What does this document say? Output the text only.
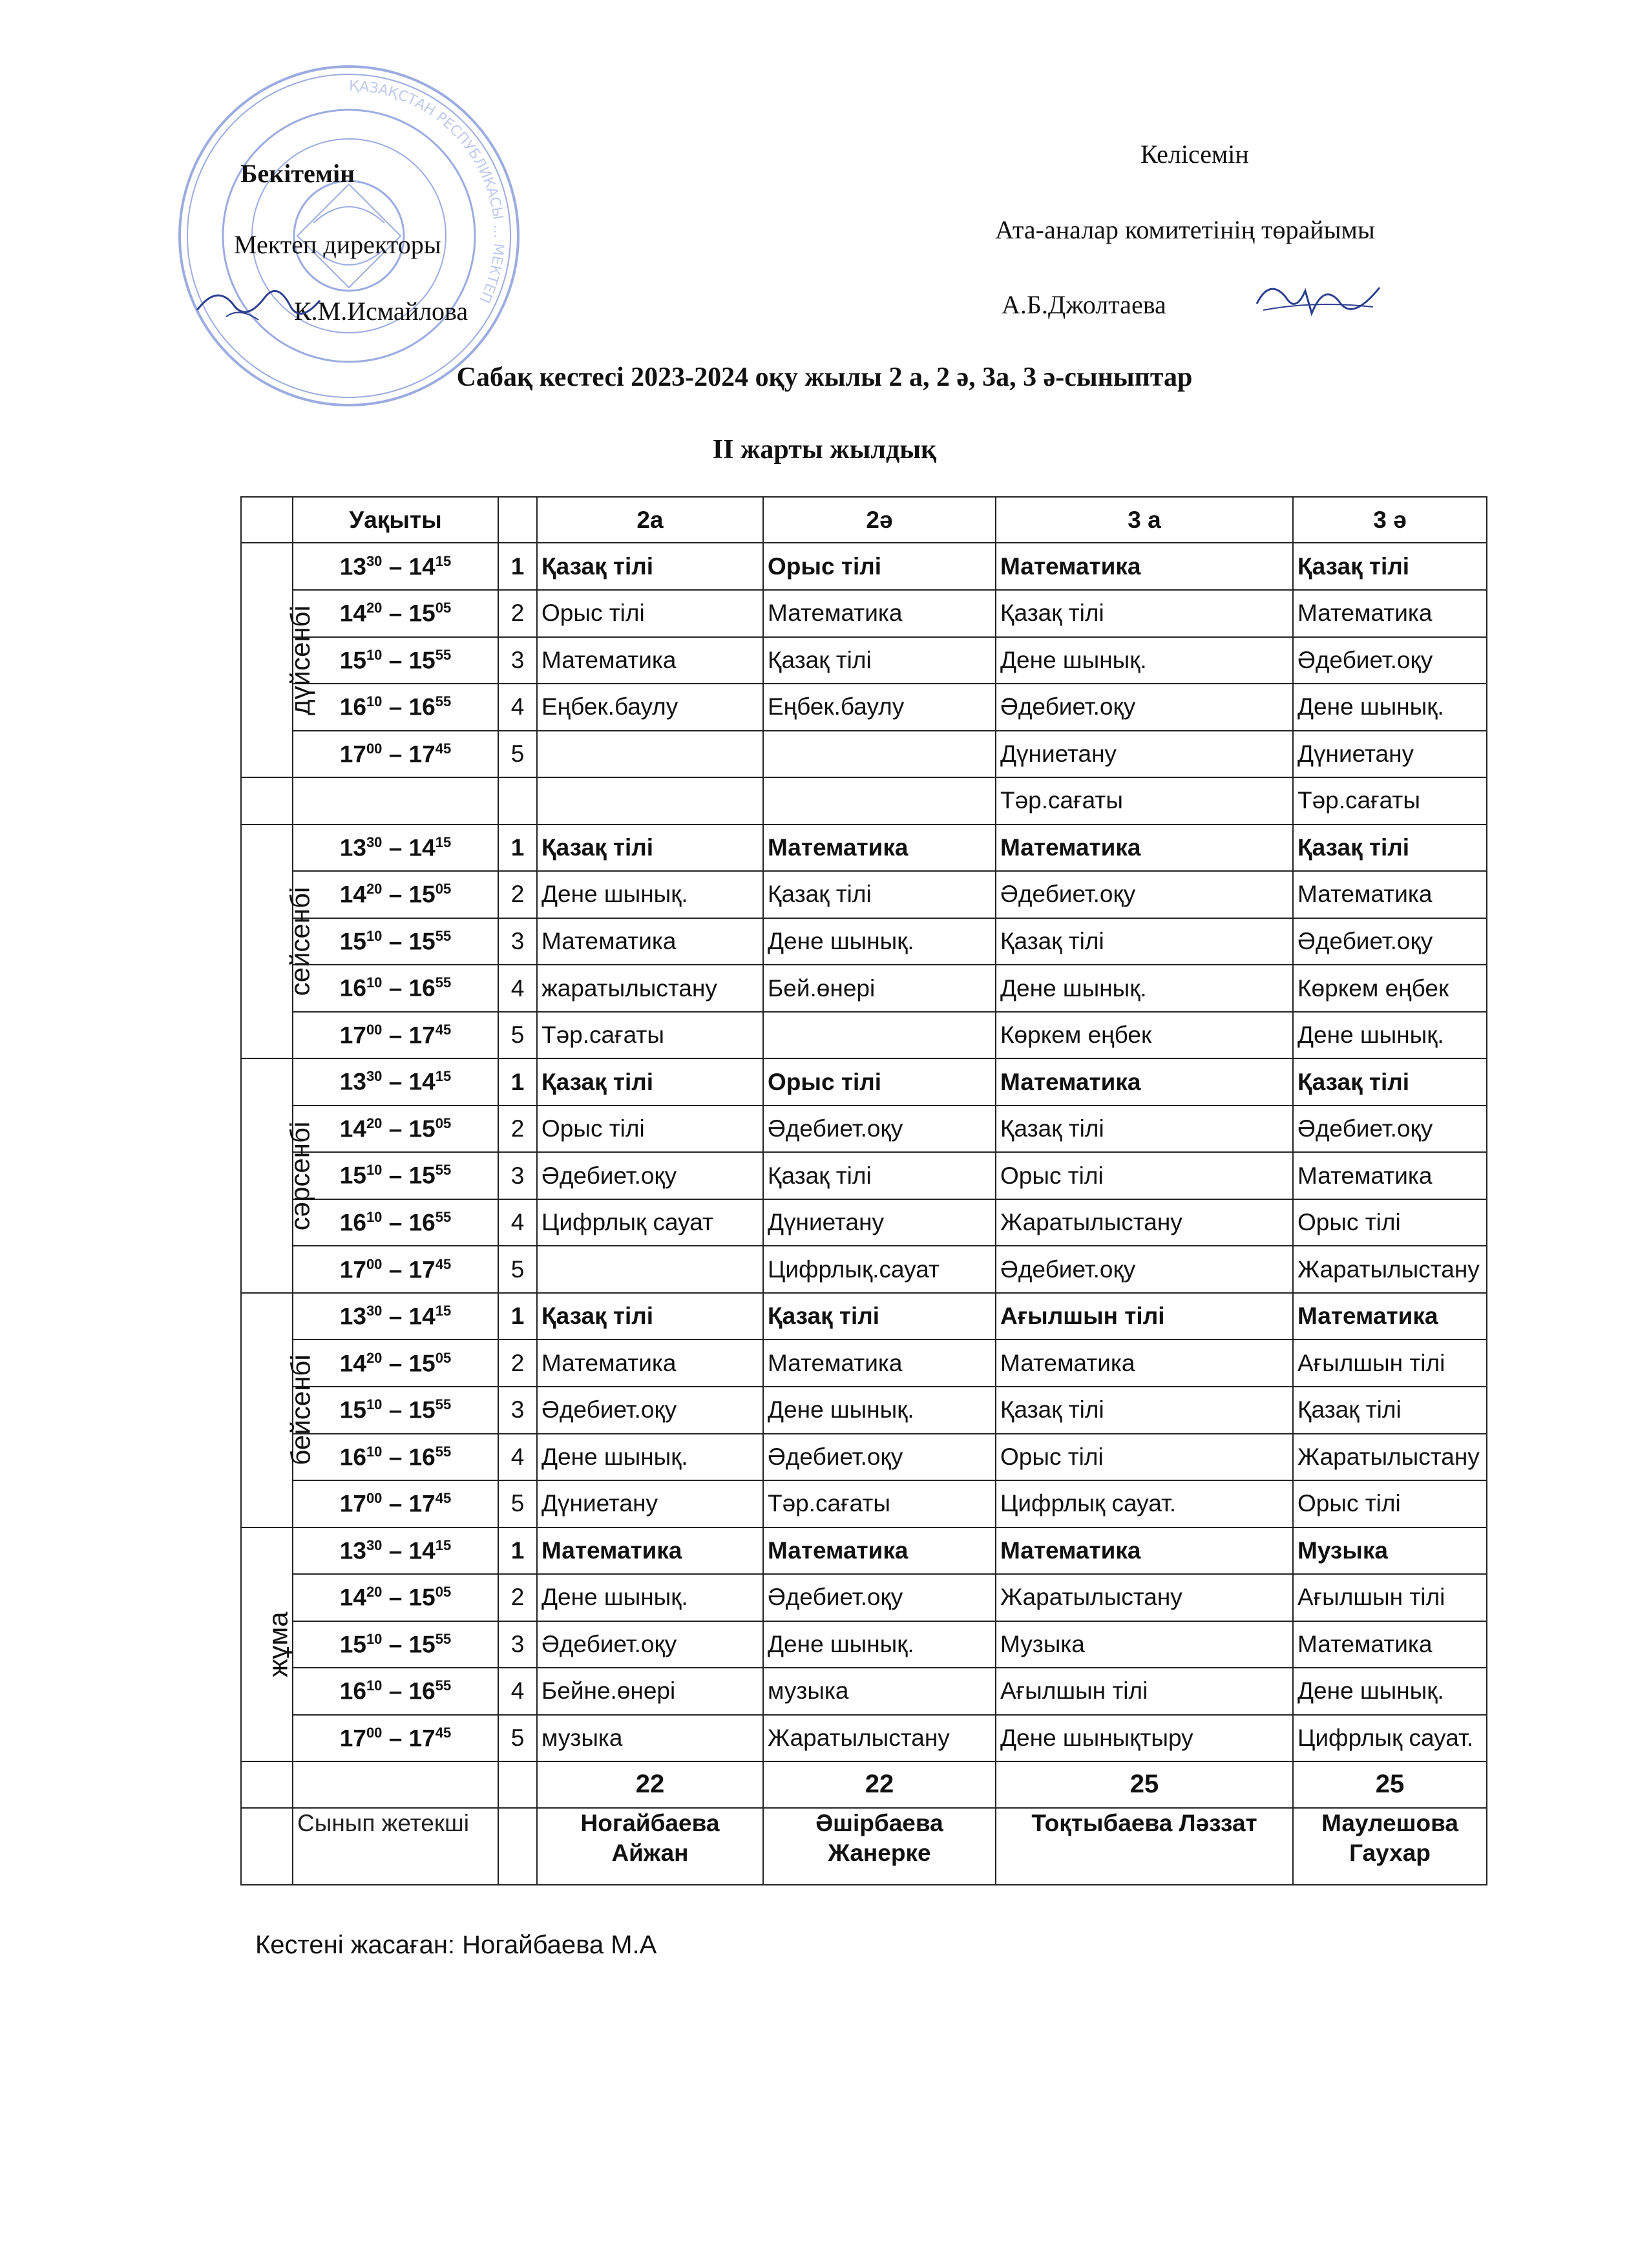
ҚАЗАҚСТАН РЕСПУБЛИКАСЫ ... МЕКТЕП
Бекітемін
Мектеп директоры
К.М.Исмайлова
Келісемін
Ата-аналар комитетінің төрайымы
А.Б.Джолтаева
Сабақ кестесі 2023-2024 оқу жылы 2 а, 2 ә, 3а, 3 ә-сыныптар
ІІ жарты жылдық
	Уақыты		2а	2ә	3 а	3 ә
дүйсенбі	$13^{30} - 14^{15}$	1	Қазақ тілі	Орыс тілі	Математика	Қазақ тілі
	$14^{20} - 15^{05}$	2	Орыс тілі	Математика	Қазақ тілі	Математика
	$15^{10} - 15^{55}$	3	Математика	Қазақ тілі	Дене шынық.	Әдебиет.оқу
	$16^{10} - 16^{55}$	4	Еңбек.баулу	Еңбек.баулу	Әдебиет.оқу	Дене шынық.
	$17^{00} - 17^{45}$	5			Дүниетану	Дүниетану
					Тәр.сағаты	Тәр.сағаты
сейсенбі	$13^{30} - 14^{15}$	1	Қазақ тілі	Математика	Математика	Қазақ тілі
	$14^{20} - 15^{05}$	2	Дене шынық.	Қазақ тілі	Әдебиет.оқу	Математика
	$15^{10} - 15^{55}$	3	Математика	Дене шынық.	Қазақ тілі	Әдебиет.оқу
	$16^{10} - 16^{55}$	4	жаратылыстану	Бей.өнері	Дене шынық.	Көркем еңбек
	$17^{00} - 17^{45}$	5	Тәр.сағаты		Көркем еңбек	Дене шынық.
сәрсенбі	$13^{30} - 14^{15}$	1	Қазақ тілі	Орыс тілі	Математика	Қазақ тілі
	$14^{20} - 15^{05}$	2	Орыс тілі	Әдебиет.оқу	Қазақ тілі	Әдебиет.оқу
	$15^{10} - 15^{55}$	3	Әдебиет.оқу	Қазақ тілі	Орыс тілі	Математика
	$16^{10} - 16^{55}$	4	Цифрлық сауат	Дүниетану	Жаратылыстану	Орыс тілі
	$17^{00} - 17^{45}$	5		Цифрлық.сауат	Әдебиет.оқу	Жаратылыстану
бейсенбі	$13^{30} - 14^{15}$	1	Қазақ тілі	Қазақ тілі	Ағылшын тілі	Математика
	$14^{20} - 15^{05}$	2	Математика	Математика	Математика	Ағылшын тілі
	$15^{10} - 15^{55}$	3	Әдебиет.оқу	Дене шынық.	Қазақ тілі	Қазақ тілі
	$16^{10} - 16^{55}$	4	Дене шынық.	Әдебиет.оқу	Орыс тілі	Жаратылыстану
	$17^{00} - 17^{45}$	5	Дүниетану	Тәр.сағаты	Цифрлық сауат.	Орыс тілі
жұма	$13^{30} - 14^{15}$	1	Математика	Математика	Математика	Музыка
	$14^{20} - 15^{05}$	2	Дене шынық.	Әдебиет.оқу	Жаратылыстану	Ағылшын тілі
	$15^{10} - 15^{55}$	3	Әдебиет.оқу	Дене шынық.	Музыка	Математика
	$16^{10} - 16^{55}$	4	Бейне.өнері	музыка	Ағылшын тілі	Дене шынық.
	$17^{00} - 17^{45}$	5	музыка	Жаратылыстану	Дене шынықтыру	Цифрлық сауат.
			22	22	25	25
	Сынып жетекші		Ногайбаева Айжан	Әшірбаева Жанерке	Тоқтыбаева Ләззат	Маулешова Гаухар
Кестені жасаған: Ногайбаева М.А
